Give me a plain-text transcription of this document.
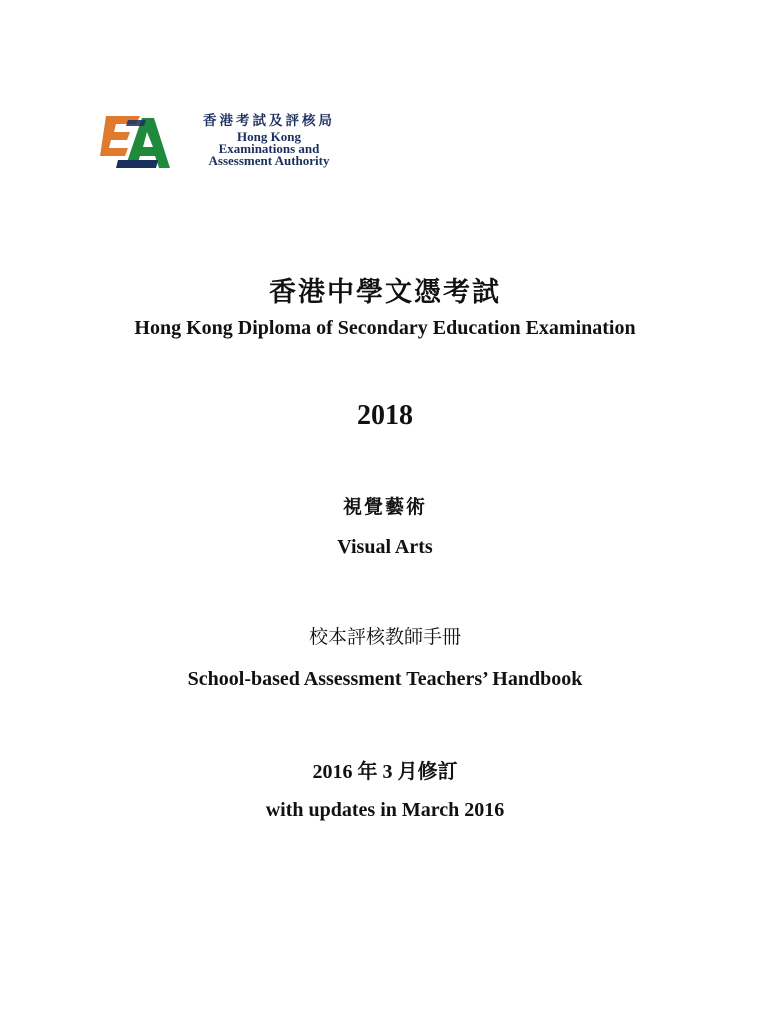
香港考試及評核局
Hong Kong
Examinations and
Assessment Authority

香港中學文憑考試

Hong Kong Diploma of Secondary Education Examination

2018

視覺藝術

Visual Arts

校本評核教師手冊

School-based Assessment Teachers’ Handbook

2016 年 3 月修訂

with updates in March 2016
